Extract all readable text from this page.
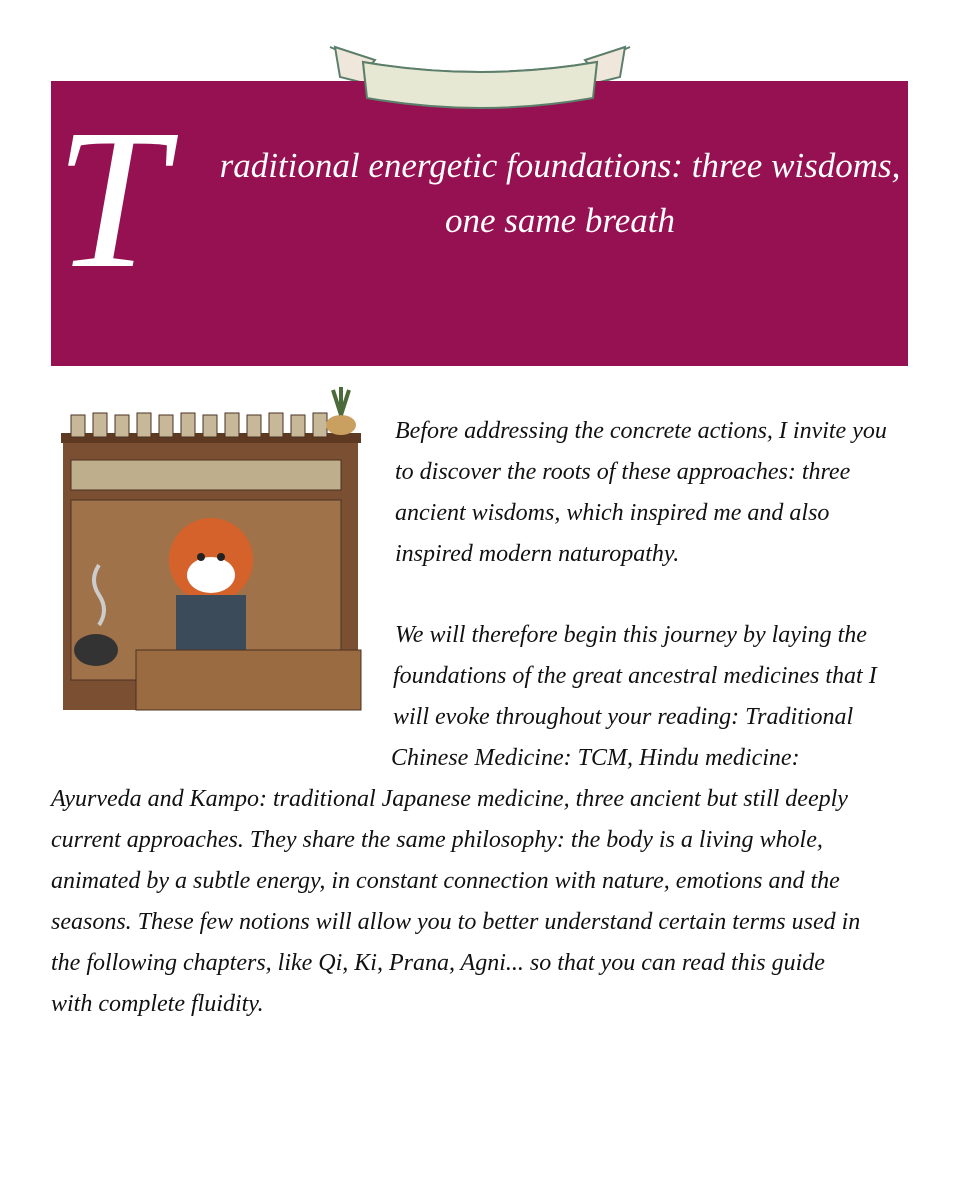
T	raditional energetic foundations: three wisdoms,
one same breath
Before addressing the concrete actions, I invite you
to discover the roots of these approaches: three
ancient wisdoms, which inspired me and also
inspired modern naturopathy.
We will therefore begin this journey by laying the
foundations of the great ancestral medicines that I
will evoke throughout your reading: Traditional
Chinese Medicine: TCM, Hindu medicine:
Ayurveda and Kampo: traditional Japanese medicine, three ancient but still deeply
current approaches. They share the same philosophy: the body is a living whole,
animated by a subtle energy, in constant connection with nature, emotions and the
seasons. These few notions will allow you to better understand certain terms used in
the following chapters, like Qi, Ki, Prana, Agni... so that you can read this guide
with complete fluidity.
